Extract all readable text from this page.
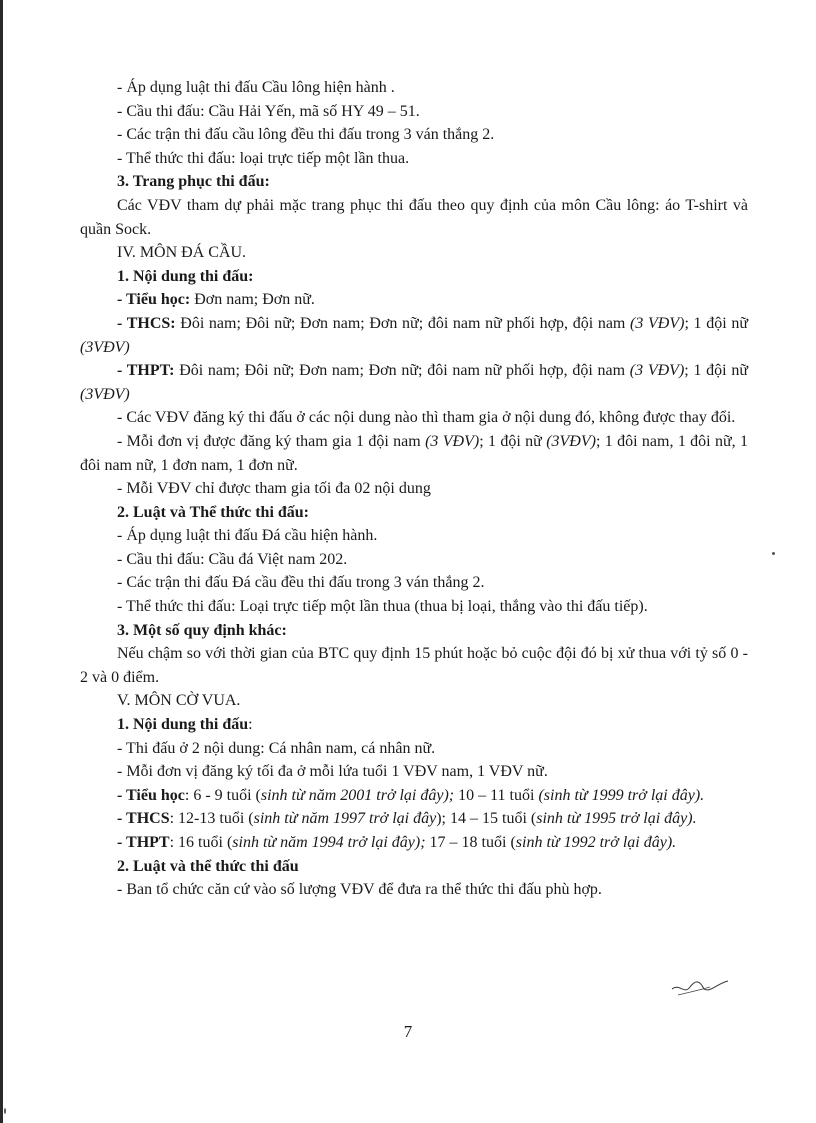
- Áp dụng luật thi đấu Cầu lông hiện hành .

- Cầu thi đấu: Cầu Hải Yến, mã số HY 49 – 51.

- Các trận thi đấu cầu lông đều thi đấu trong 3 ván thắng 2.

- Thể thức thi đấu: loại trực tiếp một lần thua.

3. Trang phục thi đấu:

Các VĐV tham dự phải mặc trang phục thi đấu theo quy định của môn Cầu lông: áo T-shirt và quần Sock.

IV. MÔN ĐÁ CẦU.

1. Nội dung thi đấu:

- Tiểu học: Đơn nam; Đơn nữ.

- THCS: Đôi nam; Đôi nữ; Đơn nam; Đơn nữ; đôi nam nữ phối hợp, đội nam (3 VĐV); 1 đội nữ (3VĐV)

- THPT: Đôi nam; Đôi nữ; Đơn nam; Đơn nữ; đôi nam nữ phối hợp, đội nam (3 VĐV); 1 đội nữ (3VĐV)

- Các VĐV đăng ký thi đấu ở các nội dung nào thì tham gia ở nội dung đó, không được thay đổi.

- Mỗi đơn vị được đăng ký tham gia 1 đội nam (3 VĐV); 1 đội nữ (3VĐV); 1 đôi nam, 1 đôi nữ, 1 đôi nam nữ, 1 đơn nam, 1 đơn nữ.

- Mỗi VĐV chỉ được tham gia tối đa 02 nội dung

2. Luật và Thể thức thi đấu:

- Áp dụng luật thi đấu Đá cầu hiện hành.

- Cầu thi đấu: Cầu đá Việt nam 202.

- Các trận thi đấu Đá cầu đều thi đấu trong 3 ván thắng 2.

- Thể thức thi đấu: Loại trực tiếp một lần thua (thua bị loại, thắng vào thi đấu tiếp).

3. Một số quy định khác:

Nếu chậm so với thời gian của BTC quy định 15 phút hoặc bỏ cuộc đội đó bị xử thua với tỷ số 0 - 2 và 0 điểm.

V. MÔN CỜ VUA.

1. Nội dung thi đấu:

- Thi đấu ở 2 nội dung: Cá nhân nam, cá nhân nữ.

- Mỗi đơn vị đăng ký tối đa ở mỗi lứa tuổi 1 VĐV nam, 1 VĐV nữ.

- Tiểu học: 6 - 9 tuổi (sinh từ năm 2001 trở lại đây); 10 – 11 tuổi (sinh từ 1999 trở lại đây).

- THCS: 12-13 tuổi (sinh từ năm 1997 trở lại đây); 14 – 15 tuổi (sinh từ 1995 trở lại đây).

- THPT: 16 tuổi (sinh từ năm 1994 trở lại đây); 17 – 18 tuổi (sinh từ 1992 trở lại đây).

2. Luật và thể thức thi đấu

- Ban tổ chức căn cứ vào số lượng VĐV để đưa ra thể thức thi đấu phù hợp.

7
